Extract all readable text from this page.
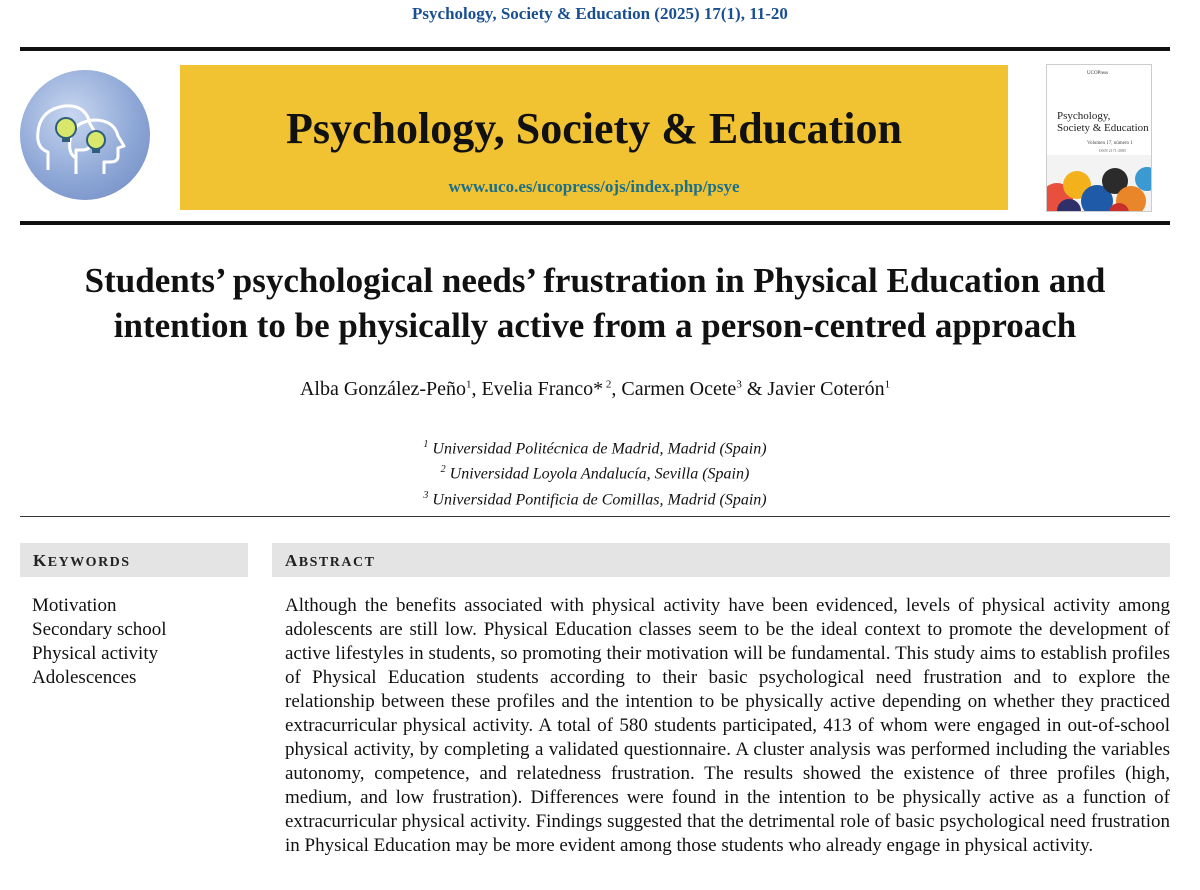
Psychology, Society & Education (2025) 17(1), 11-20
Psychology, Society & Education
www.uco.es/ucopress/ojs/index.php/psye
UCOPress
Psychology,
Society & Education
Volumen 17, número 1
ISSN 2171-2085
Students’ psychological needs’ frustration in Physical Education and intention to be physically active from a person-centred approach
Alba González-Peño$^1$, Evelia Franco* $^2$, Carmen Ocete$^3$ & Javier Coterón$^1$
$^1$ Universidad Politécnica de Madrid, Madrid (Spain)
$^2$ Universidad Loyola Andalucía, Sevilla (Spain)
$^3$ Universidad Pontificia de Comillas, Madrid (Spain)
KEYWORDS	ABSTRACT
Motivation
Secondary school
Physical activity
Adolescences
Although the benefits associated with physical activity have been evidenced, levels of physical activity among adolescents are still low. Physical Education classes seem to be the ideal context to promote the development of active lifestyles in students, so promoting their motivation will be fundamental. This study aims to establish profiles of Physical Education students according to their basic psychological need frustration and to explore the relationship between these profiles and the intention to be physically active depending on whether they practiced extracurricular physical activity. A total of 580 students participated, 413 of whom were engaged in out-of-school physical activity, by completing a validated questionnaire. A cluster analysis was performed including the variables autonomy, competence, and relatedness frustration. The results showed the existence of three profiles (high, medium, and low frustration). Differences were found in the intention to be physically active as a function of extracurricular physical activity. Findings suggested that the detrimental role of basic psychological need frustration in Physical Education may be more evident among those students who already engage in physical activity.
